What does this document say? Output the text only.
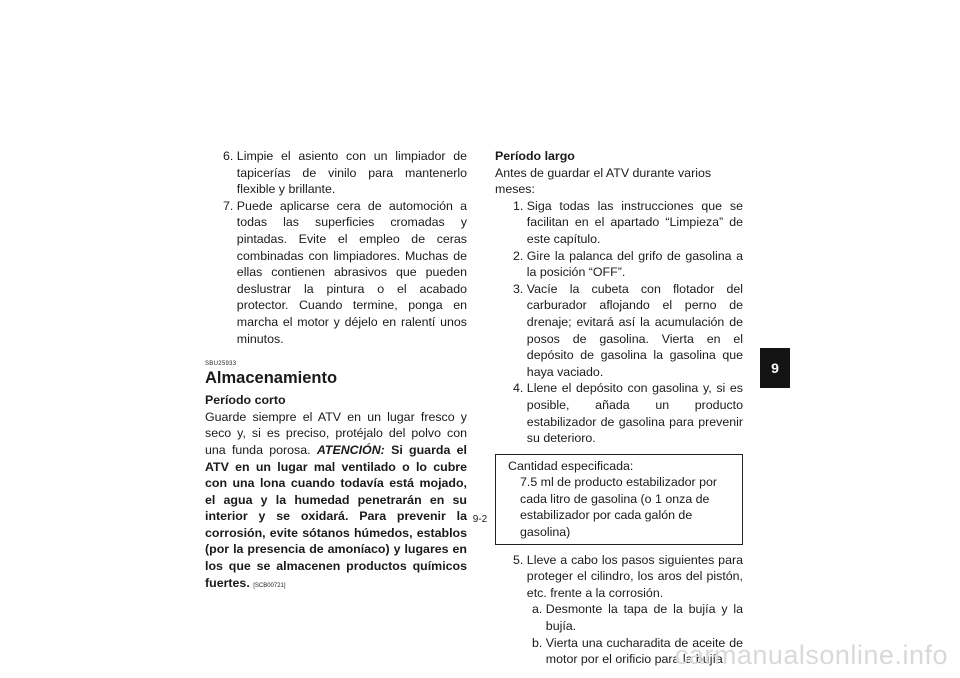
6.
Limpie el asiento con un limpiador de tapicerías de vinilo para mantenerlo flexible y brillante.
7.
Puede aplicarse cera de automoción a todas las superficies cromadas y pintadas. Evite el empleo de ceras combinadas con limpiadores. Muchas de ellas contienen abrasivos que pueden deslustrar la pintura o el acabado protector. Cuando termine, ponga en marcha el motor y déjelo en ralentí unos minutos.
SBU25933
Almacenamiento
Período corto
Guarde siempre el ATV en un lugar fresco y seco y, si es preciso, protéjalo del polvo con una funda porosa. ATENCIÓN: Si guarda el ATV en un lugar mal ventilado o lo cubre con una lona cuando todavía está mojado, el agua y la humedad penetrarán en su interior y se oxidará. Para prevenir la corrosión, evite sótanos húmedos, establos (por la presencia de amoníaco) y lugares en los que se almacenen productos químicos fuertes. [SCB00721]
Período largo
Antes de guardar el ATV durante varios meses:
1.
Siga todas las instrucciones que se facilitan en el apartado “Limpieza” de este capítulo.
2.
Gire la palanca del grifo de gasolina a la posición “OFF”.
3.
Vacíe la cubeta con flotador del carburador aflojando el perno de drenaje; evitará así la acumulación de posos de gasolina. Vierta en el depósito de gasolina la gasolina que haya vaciado.
4.
Llene el depósito con gasolina y, si es posible, añada un producto estabilizador de gasolina para prevenir su deterioro.
Cantidad especificada:
7.5 ml de producto estabilizador por cada litro de gasolina (o 1 onza de estabilizador por cada galón de gasolina)
5.
Lleve a cabo los pasos siguientes para proteger el cilindro, los aros del pistón, etc. frente a la corrosión.
a.
Desmonte la tapa de la bujía y la bujía.
b.
Vierta una cucharadita de aceite de motor por el orificio para la bujía.
9
9-2
carmanualsonline.info
